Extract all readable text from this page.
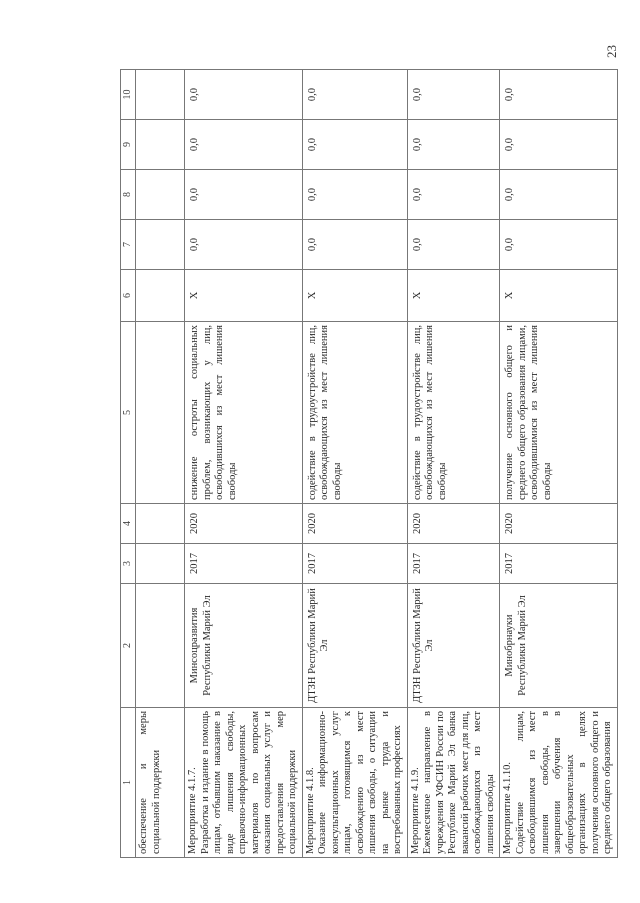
23
1	2	3	4	5	6	7	8	9	10
обеспечение и меры социальной поддержки									
Мероприятие 4.1.7. Разработка и издание в помощь лицам, отбывшим наказание в виде лишения свободы, справочно-информационных материалов по вопросам оказания социальных услуг и предоставления мер социальной поддержки	Минсоцразвития Республики Марий Эл	2017	2020	снижение остроты социальных проблем, возникающих у лиц, освободившихся из мест лишения свободы	X	0,0	0,0	0,0	0,0
Мероприятие 4.1.8. Оказание информационно-консультационных услуг лицам, готовящимся к освобождению из мест лишения свободы, о ситуации на рынке труда и востребованных профессиях	ДТЗН Республики Марий Эл	2017	2020	содействие в трудоустройстве лиц, освобождающихся из мест лишения свободы	X	0,0	0,0	0,0	0,0
Мероприятие 4.1.9. Ежемесячное направление в учреждения УФСИН России по Республике Марий Эл банка вакансий рабочих мест для лиц, освобождающихся из мест лишения свободы	ДТЗН Республики Марий Эл	2017	2020	содействие в трудоустройстве лиц, освобождающихся из мест лишения свободы	X	0,0	0,0	0,0	0,0
Мероприятие 4.1.10. Содействие лицам, освободившимся из мест лишения свободы, в завершении обучения в общеобразовательных организациях в целях получения основного общего и среднего общего образования	Минобрнауки Республики Марий Эл	2017	2020	получение основного общего и среднего общего образования лицами, освободившимися из мест лишения свободы	X	0,0	0,0	0,0	0,0
